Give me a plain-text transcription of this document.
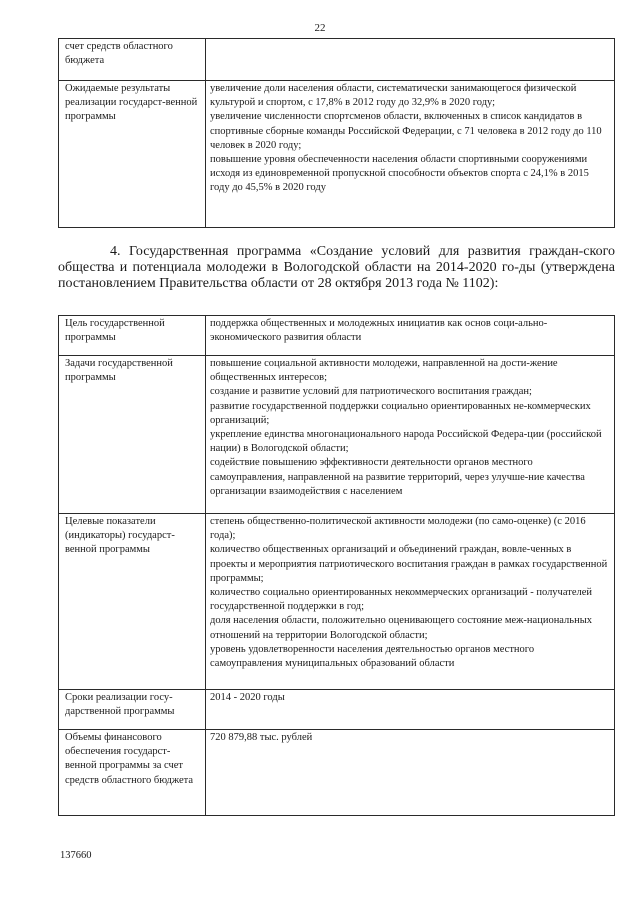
22
счет средств областного бюджета	
Ожидаемые результаты реализации государст-венной программы	увеличение доли населения области, систематически занимающегося физической культурой и спортом, с 17,8% в 2012 году до 32,9% в 2020 году;
увеличение численности спортсменов области, включенных в список кандидатов в спортивные сборные команды Российской Федерации, с 71 человека в 2012 году до 110 человек в 2020 году;
повышение уровня обеспеченности населения области спортивными сооружениями исходя из единовременной пропускной способности объектов спорта с 24,1% в 2015 году до 45,5% в 2020 году

4. Государственная программа «Создание условий для развития граждан-ского общества и потенциала молодежи в Вологодской области на 2014-2020 го-ды (утверждена постановлением Правительства области от 28 октября 2013 года № 1102):

Цель государственной программы	поддержка общественных и молодежных инициатив как основ соци-ально-экономического развития области

Задачи государственной программы	повышение социальной активности молодежи, направленной на дости-жение общественных интересов;
создание и развитие условий для патриотического воспитания граждан;
развитие государственной поддержки социально ориентированных не-коммерческих организаций;
укрепление единства многонационального народа Российской Федера-ции (российской нации) в Вологодской области;
содействие повышению эффективности деятельности органов местного самоуправления, направленной на развитие территорий, через улучше-ние качества организации взаимодействия с населением

Целевые показатели (индикаторы) государст-венной программы	степень общественно-политической активности молодежи (по само-оценке) (с 2016 года);
количество общественных организаций и объединений граждан, вовле-ченных в проекты и мероприятия патриотического воспитания граждан в рамках государственной программы;
количество социально ориентированных некоммерческих организаций - получателей государственной поддержки в год;
доля населения области, положительно оценивающего состояние меж-национальных отношений на территории Вологодской области;
уровень удовлетворенности населения деятельностью органов местного самоуправления муниципальных образований области

Сроки реализации госу-дарственной программы	2014 - 2020 годы

Объемы финансового обеспечения государст-венной программы за счет средств областного бюджета	720 879,88 тыс. рублей
137660
